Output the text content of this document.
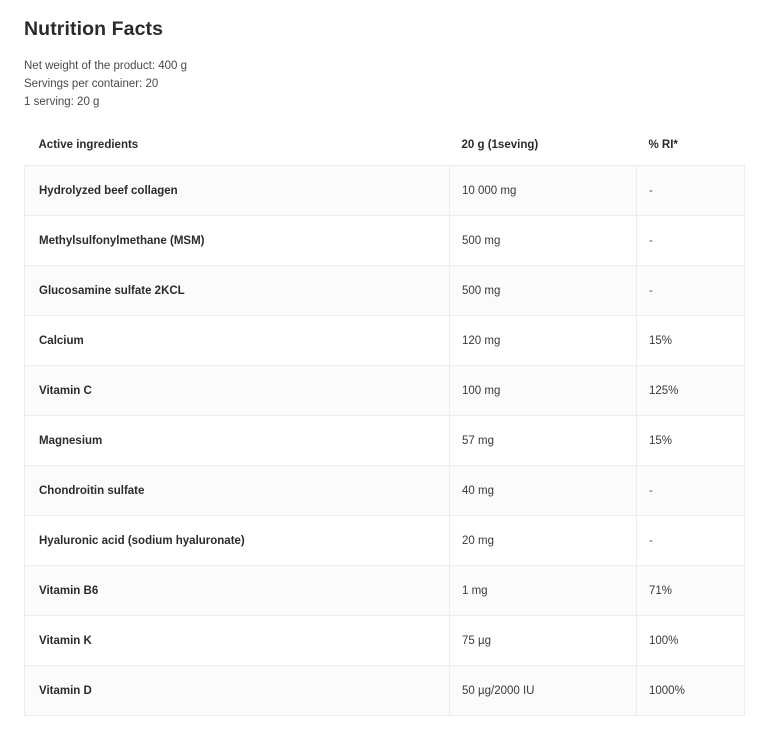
Nutrition Facts
Net weight of the product: 400 g
Servings per container: 20
1 serving: 20 g
Active ingredients	20 g (1seving)	% RI*
Hydrolyzed beef collagen	10 000 mg	-
Methylsulfonylmethane (MSM)	500 mg	-
Glucosamine sulfate 2KCL	500 mg	-
Calcium	120 mg	15%
Vitamin C	100 mg	125%
Magnesium	57 mg	15%
Chondroitin sulfate	40 mg	-
Hyaluronic acid (sodium hyaluronate)	20 mg	-
Vitamin B6	1 mg	71%
Vitamin K	75 µg	100%
Vitamin D	50 µg/2000 IU	1000%
